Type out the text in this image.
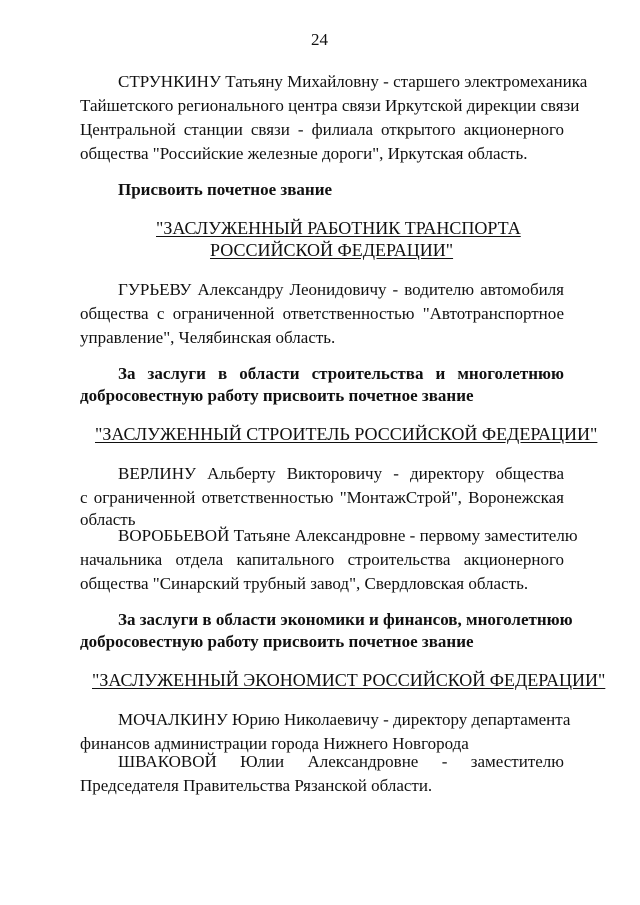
24
СТРУНКИНУ Татьяну Михайловну - старшего электромеханика
Тайшетского регионального центра связи Иркутской дирекции связи
Центральной станции связи - филиала открытого акционерного
общества "Российские железные дороги", Иркутская область.
Присвоить почетное звание
"ЗАСЛУЖЕННЫЙ РАБОТНИК ТРАНСПОРТА
РОССИЙСКОЙ ФЕДЕРАЦИИ"
ГУРЬЕВУ Александру Леонидовичу - водителю автомобиля
общества с ограниченной ответственностью "Автотранспортное
управление", Челябинская область.
За заслуги в области строительства и многолетнюю
добросовестную работу присвоить почетное звание
"ЗАСЛУЖЕННЫЙ СТРОИТЕЛЬ РОССИЙСКОЙ ФЕДЕРАЦИИ"
ВЕРЛИНУ Альберту Викторовичу - директору общества
с ограниченной ответственностью "МонтажСтрой", Воронежская
область
ВОРОБЬЕВОЙ Татьяне Александровне - первому заместителю
начальника отдела капитального строительства акционерного
общества "Синарский трубный завод", Свердловская область.
За заслуги в области экономики и финансов, многолетнюю
добросовестную работу присвоить почетное звание
"ЗАСЛУЖЕННЫЙ ЭКОНОМИСТ РОССИЙСКОЙ ФЕДЕРАЦИИ"
МОЧАЛКИНУ Юрию Николаевичу - директору департамента
финансов администрации города Нижнего Новгорода
ШВАКОВОЙ Юлии Александровне - заместителю
Председателя Правительства Рязанской области.
